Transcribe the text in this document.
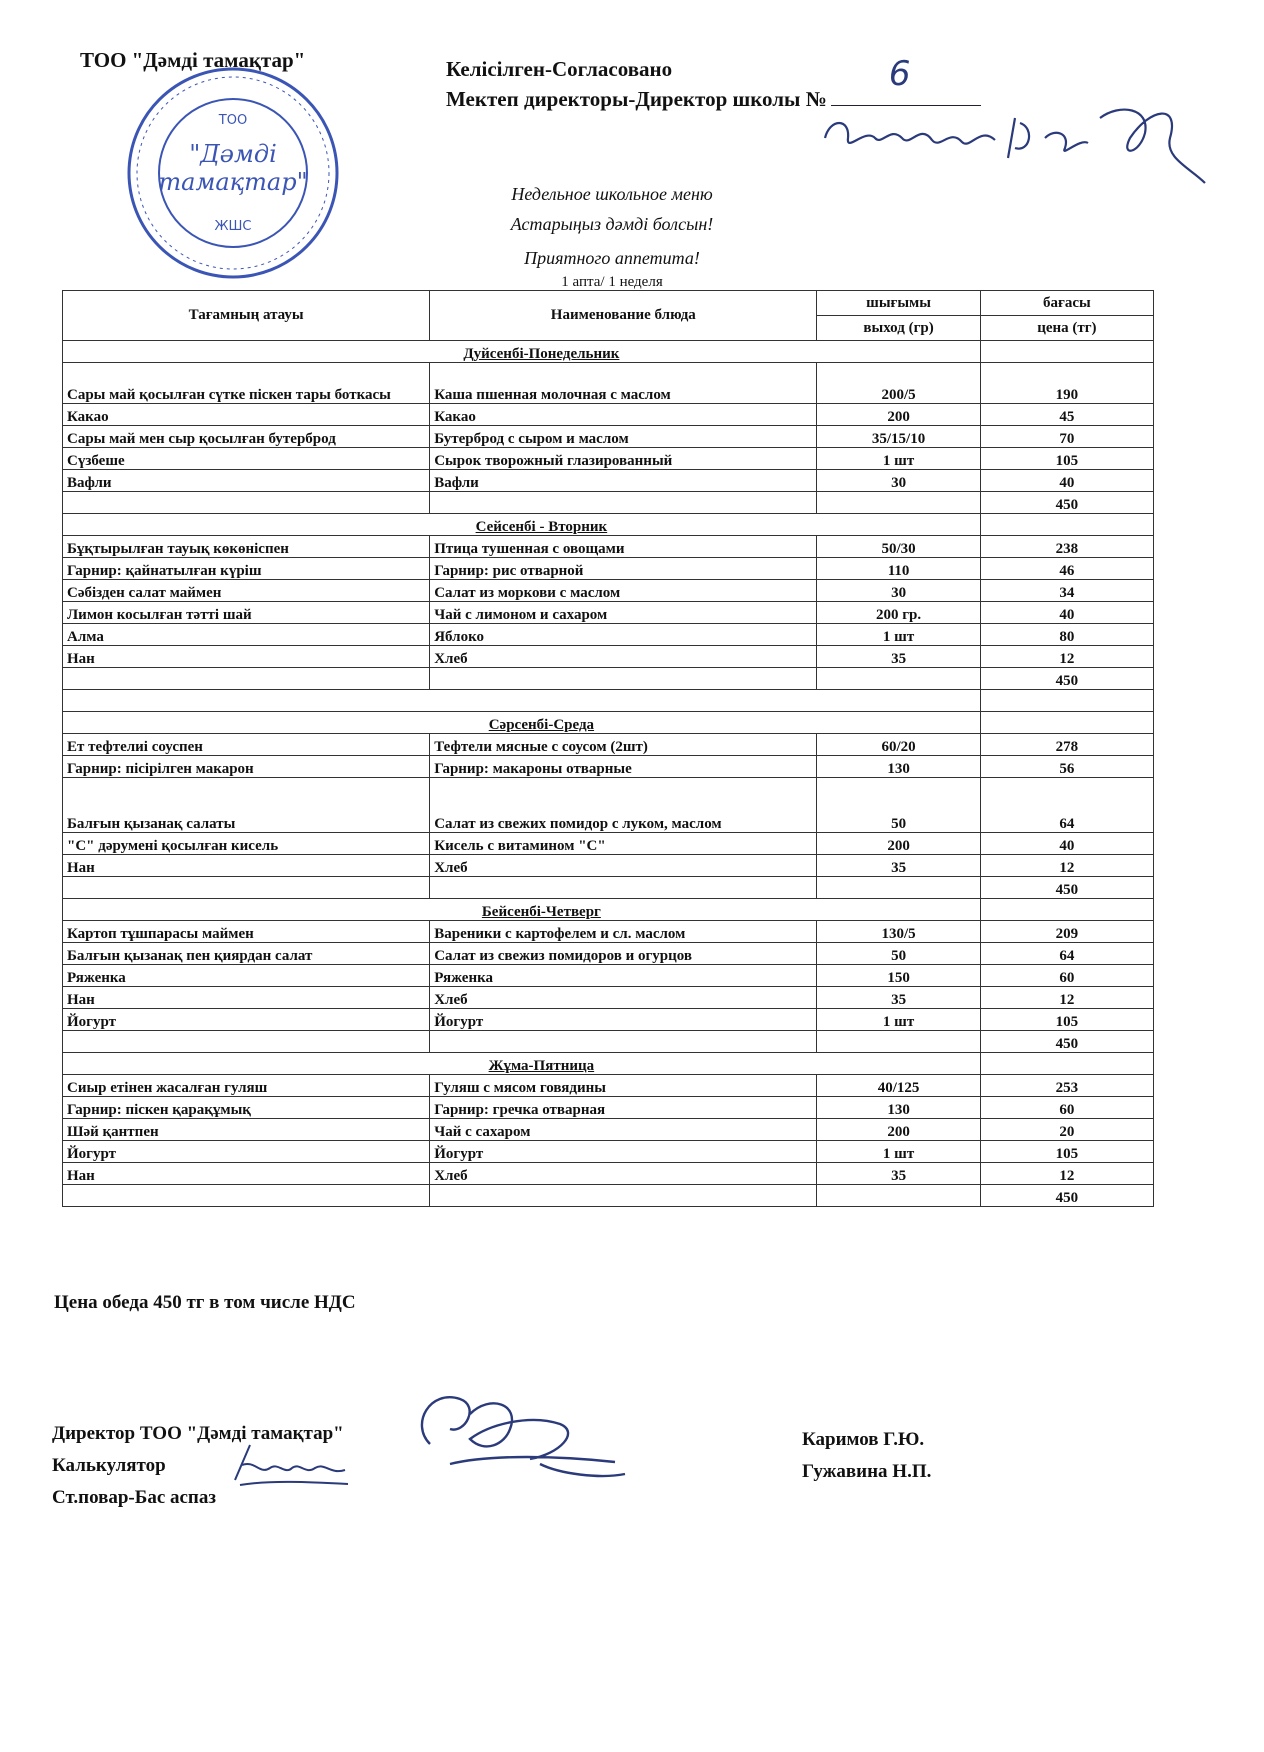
ТОО "Дәмді тамақтар"	Келісілген-Согласовано
Мектеп директоры-Директор школы №
6
ТОО
"Дәмді
тамақтар"
ЖШС
Недельное школьное меню
Астарыңыз дәмді болсын!
Приятного аппетита!
1 апта/ 1 неделя
Тағамның атауы	Наименование блюда	шығымы	бағасы
		выход (гр)	цена (тг)
Дуйсенбі-Понедельник			
Сары май қосылған сүтке піскен тары боткасы	Каша пшенная молочная с маслом	200/5	190
Какао	Какао	200	45
Сары май мен сыр қосылған бутерброд	Бутерброд с сыром и маслом	35/15/10	70
Сүзбеше	Сырок творожный глазированный	1 шт	105
Вафли	Вафли	30	40
			450
Сейсенбі - Вторник			
Бұқтырылған тауық көкөніспен	Птица тушенная с овощами	50/30	238
Гарнир: қайнатылған күріш	Гарнир: рис отварной	110	46
Сәбізден салат маймен	Салат из моркови с маслом	30	34
Лимон косылған тәтті шай	Чай с лимоном и сахаром	200 гр.	40
Алма	Яблоко	1 шт	80
Нан	Хлеб	35	12
			450

Сәрсенбі-Среда			
Ет тефтелиі соуспен	Тефтели мясные с соусом (2шт)	60/20	278
Гарнир: пісірілген макарон	Гарнир: макароны отварные	130	56
Балғын қызанақ салаты	Салат из свежих помидор с луком, маслом	50	64
"С" дәрумені қосылған кисель	Кисель с витамином "С"	200	40
Нан	Хлеб	35	12
			450
Бейсенбі-Четверг			
Картоп тұшпарасы маймен	Вареники с картофелем и сл. маслом	130/5	209
Балғын қызанақ пен қиярдан салат	Салат из свежиз помидоров и огурцов	50	64
Ряженка	Ряженка	150	60
Нан	Хлеб	35	12
Йогурт	Йогурт	1 шт	105
			450
Жұма-Пятница			
Сиыр етінен жасалған гуляш	Гуляш с мясом говядины	40/125	253
Гарнир: піскен қарақұмық	Гарнир: гречка отварная	130	60
Шәй қантпен	Чай с сахаром	200	20
Йогурт	Йогурт	1 шт	105
Нан	Хлеб	35	12
			450
Цена обеда 450 тг в том числе НДС
Директор ТОО "Дәмді тамақтар"
Калькулятор
Ст.повар-Бас аспаз
Каримов Г.Ю.
Гужавина Н.П.
